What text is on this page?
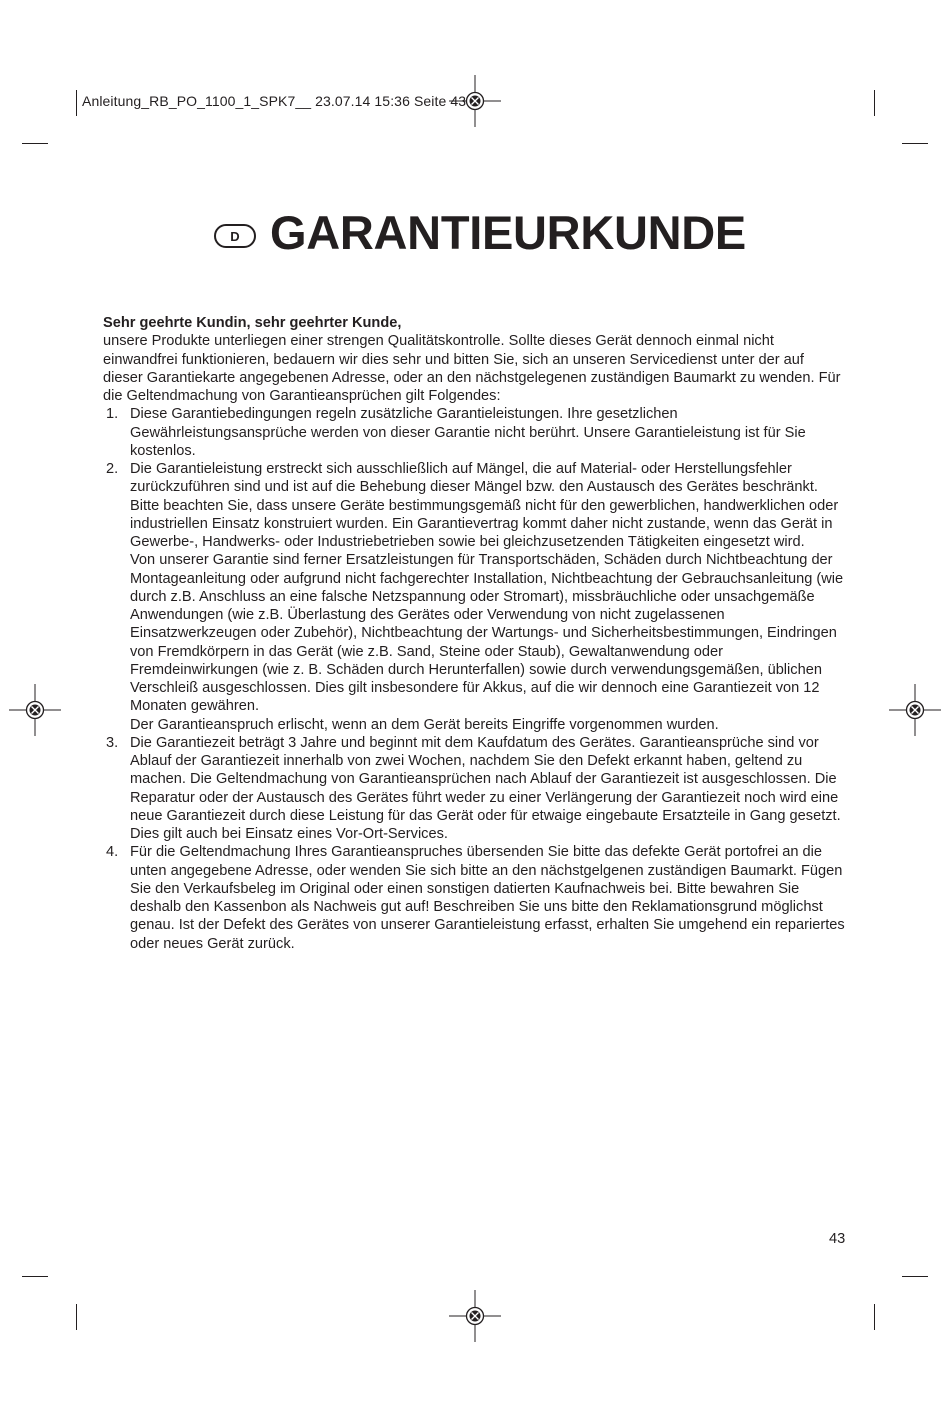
Anleitung_RB_PO_1100_1_SPK7__ 23.07.14 15:36 Seite 43
D GARANTIEURKUNDE
Sehr geehrte Kundin, sehr geehrter Kunde,

unsere Produkte unterliegen einer strengen Qualitätskontrolle. Sollte dieses Gerät dennoch einmal nicht einwandfrei funktionieren, bedauern wir dies sehr und bitten Sie, sich an unseren Servicedienst unter der auf dieser Garantiekarte angegebenen Adresse, oder an den nächstgelegenen zuständigen Baumarkt zu wenden. Für die Geltendmachung von Garantieansprüchen gilt Folgendes:

1. Diese Garantiebedingungen regeln zusätzliche Garantieleistungen. Ihre gesetzlichen Gewährleistungsansprüche werden von dieser Garantie nicht berührt. Unsere Garantieleistung ist für Sie kostenlos.

2. Die Garantieleistung erstreckt sich ausschließlich auf Mängel, die auf Material- oder Herstellungsfehler zurückzuführen sind und ist auf die Behebung dieser Mängel bzw. den Austausch des Gerätes beschränkt. Bitte beachten Sie, dass unsere Geräte bestimmungsgemäß nicht für den gewerblichen, handwerklichen oder industriellen Einsatz konstruiert wurden. Ein Garantievertrag kommt daher nicht zustande, wenn das Gerät in Gewerbe-, Handwerks- oder Industriebetrieben sowie bei gleichzusetzenden Tätigkeiten eingesetzt wird.

Von unserer Garantie sind ferner Ersatzleistungen für Transportschäden, Schäden durch Nichtbeachtung der Montageanleitung oder aufgrund nicht fachgerechter Installation, Nichtbeachtung der Gebrauchsanleitung (wie durch z.B. Anschluss an eine falsche Netzspannung oder Stromart), missbräuchliche oder unsachgemäße Anwendungen (wie z.B. Überlastung des Gerätes oder Verwendung von nicht zugelassenen Einsatzwerkzeugen oder Zubehör), Nichtbeachtung der Wartungs- und Sicherheitsbestimmungen, Eindringen von Fremdkörpern in das Gerät (wie z.B. Sand, Steine oder Staub), Gewaltanwendung oder Fremdeinwirkungen (wie z. B. Schäden durch Herunterfallen) sowie durch verwendungsgemäßen, üblichen Verschleiß ausgeschlossen. Dies gilt insbesondere für Akkus, auf die wir dennoch eine Garantiezeit von 12 Monaten gewähren.

Der Garantieanspruch erlischt, wenn an dem Gerät bereits Eingriffe vorgenommen wurden.

3. Die Garantiezeit beträgt 3 Jahre und beginnt mit dem Kaufdatum des Gerätes. Garantieansprüche sind vor Ablauf der Garantiezeit innerhalb von zwei Wochen, nachdem Sie den Defekt erkannt haben, geltend zu machen. Die Geltendmachung von Garantieansprüchen nach Ablauf der Garantiezeit ist ausgeschlossen. Die Reparatur oder der Austausch des Gerätes führt weder zu einer Verlängerung der Garantiezeit noch wird eine neue Garantiezeit durch diese Leistung für das Gerät oder für etwaige eingebaute Ersatzteile in Gang gesetzt. Dies gilt auch bei Einsatz eines Vor-Ort-Services.

4. Für die Geltendmachung Ihres Garantieanspruches übersenden Sie bitte das defekte Gerät portofrei an die unten angegebene Adresse, oder wenden Sie sich bitte an den nächstgelgenen zuständigen Baumarkt. Fügen Sie den Verkaufsbeleg im Original oder einen sonstigen datierten Kaufnachweis bei. Bitte bewahren Sie deshalb den Kassenbon als Nachweis gut auf! Beschreiben Sie uns bitte den Reklamationsgrund möglichst genau. Ist der Defekt des Gerätes von unserer Garantieleistung erfasst, erhalten Sie umgehend ein repariertes oder neues Gerät zurück.

43
